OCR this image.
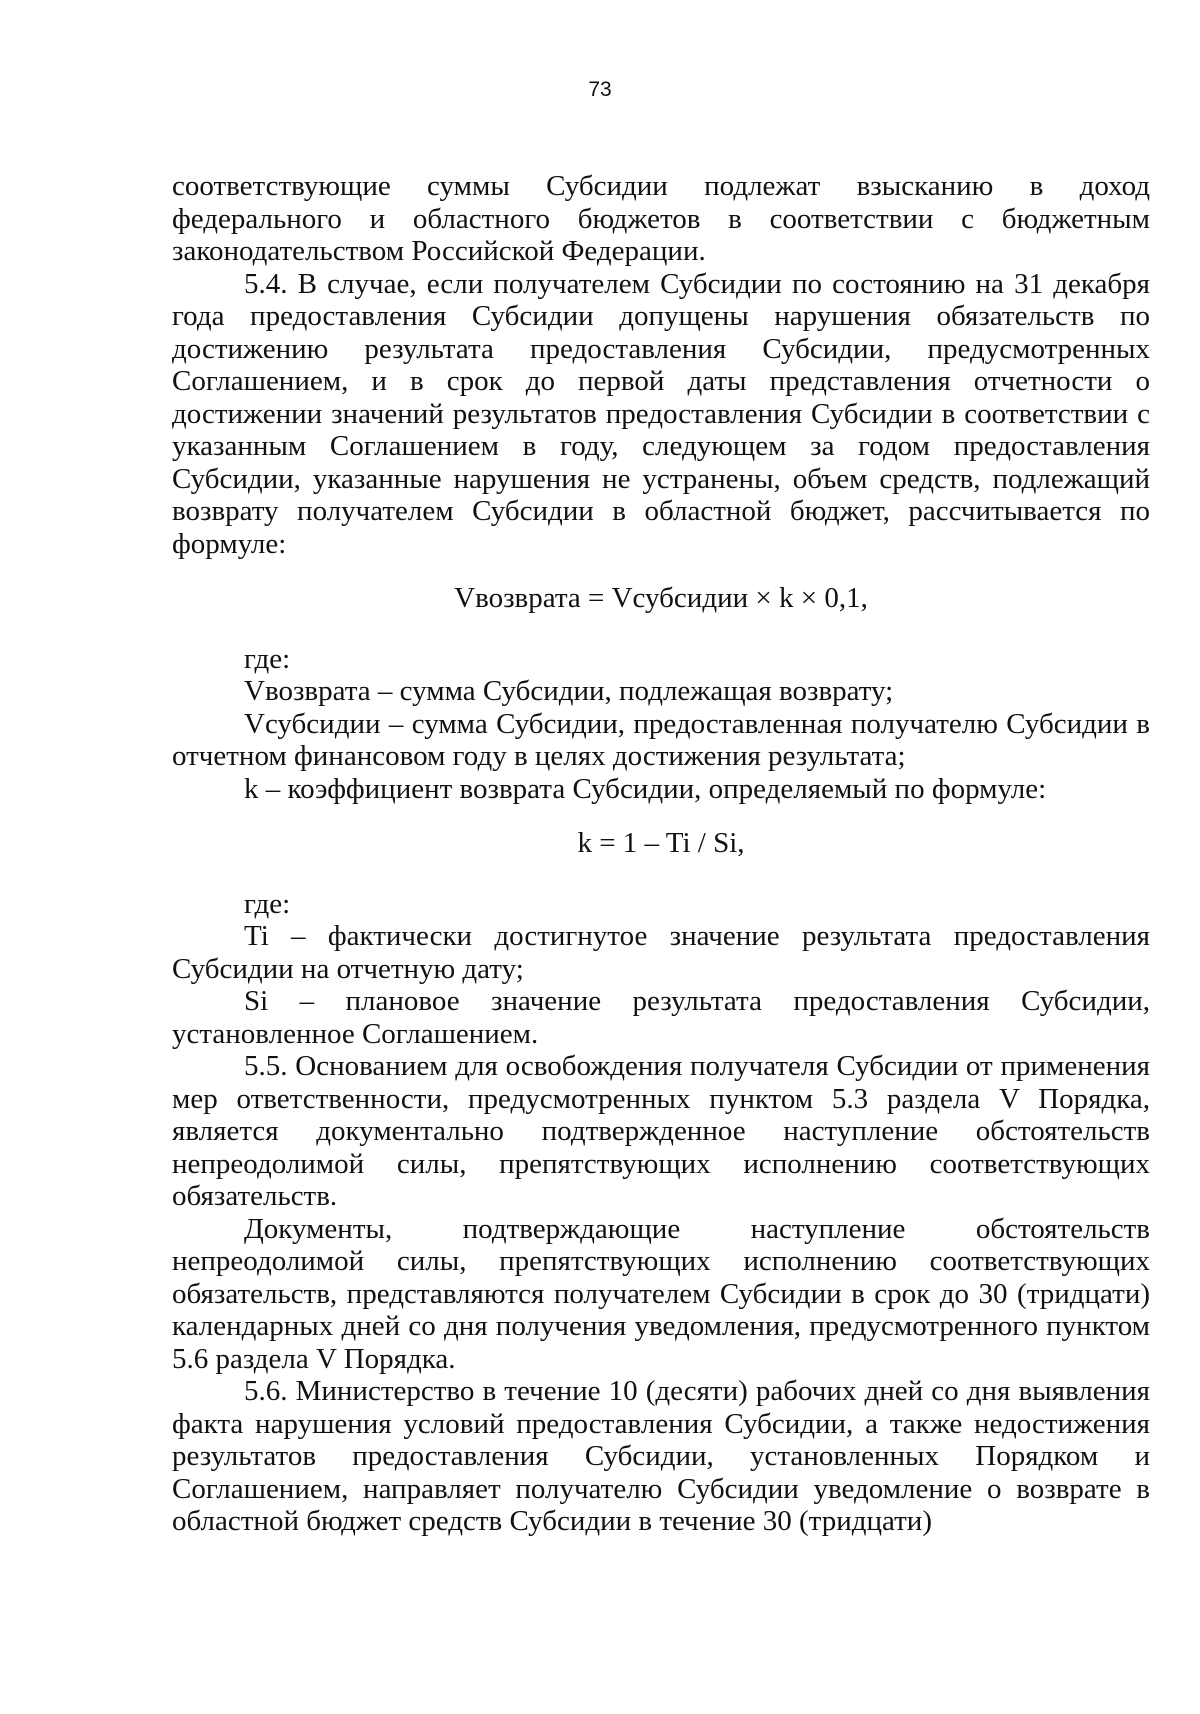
73

соответствующие суммы Субсидии подлежат взысканию в доход федерального и областного бюджетов в соответствии с бюджетным законодательством Российской Федерации.

5.4. В случае, если получателем Субсидии по состоянию на 31 декабря года предоставления Субсидии допущены нарушения обязательств по достижению результата предоставления Субсидии, предусмотренных Соглашением, и в срок до первой даты представления отчетности о достижении значений результатов предоставления Субсидии в соответствии с указанным Соглашением в году, следующем за годом предоставления Субсидии, указанные нарушения не устранены, объем средств, подлежащий возврату получателем Субсидии в областной бюджет, рассчитывается по формуле:

Vвозврата = Vсубсидии × k × 0,1,

где:

Vвозврата – сумма Субсидии, подлежащая возврату;

Vсубсидии – сумма Субсидии, предоставленная получателю Субсидии в отчетном финансовом году в целях достижения результата;

k – коэффициент возврата Субсидии, определяемый по формуле:

k = 1 – Ti / Si,

где:

Ti – фактически достигнутое значение результата предоставления Субсидии на отчетную дату;

Si – плановое значение результата предоставления Субсидии, установленное Соглашением.

5.5. Основанием для освобождения получателя Субсидии от применения мер ответственности, предусмотренных пунктом 5.3 раздела V Порядка, является документально подтвержденное наступление обстоятельств непреодолимой силы, препятствующих исполнению соответствующих обязательств.

Документы, подтверждающие наступление обстоятельств непреодолимой силы, препятствующих исполнению соответствующих обязательств, представляются получателем Субсидии в срок до 30 (тридцати) календарных дней со дня получения уведомления, предусмотренного пунктом 5.6 раздела V Порядка.

5.6. Министерство в течение 10 (десяти) рабочих дней со дня выявления факта нарушения условий предоставления Субсидии, а также недостижения результатов предоставления Субсидии, установленных Порядком и Соглашением, направляет получателю Субсидии уведомление о возврате в областной бюджет средств Субсидии в течение 30 (тридцати)
